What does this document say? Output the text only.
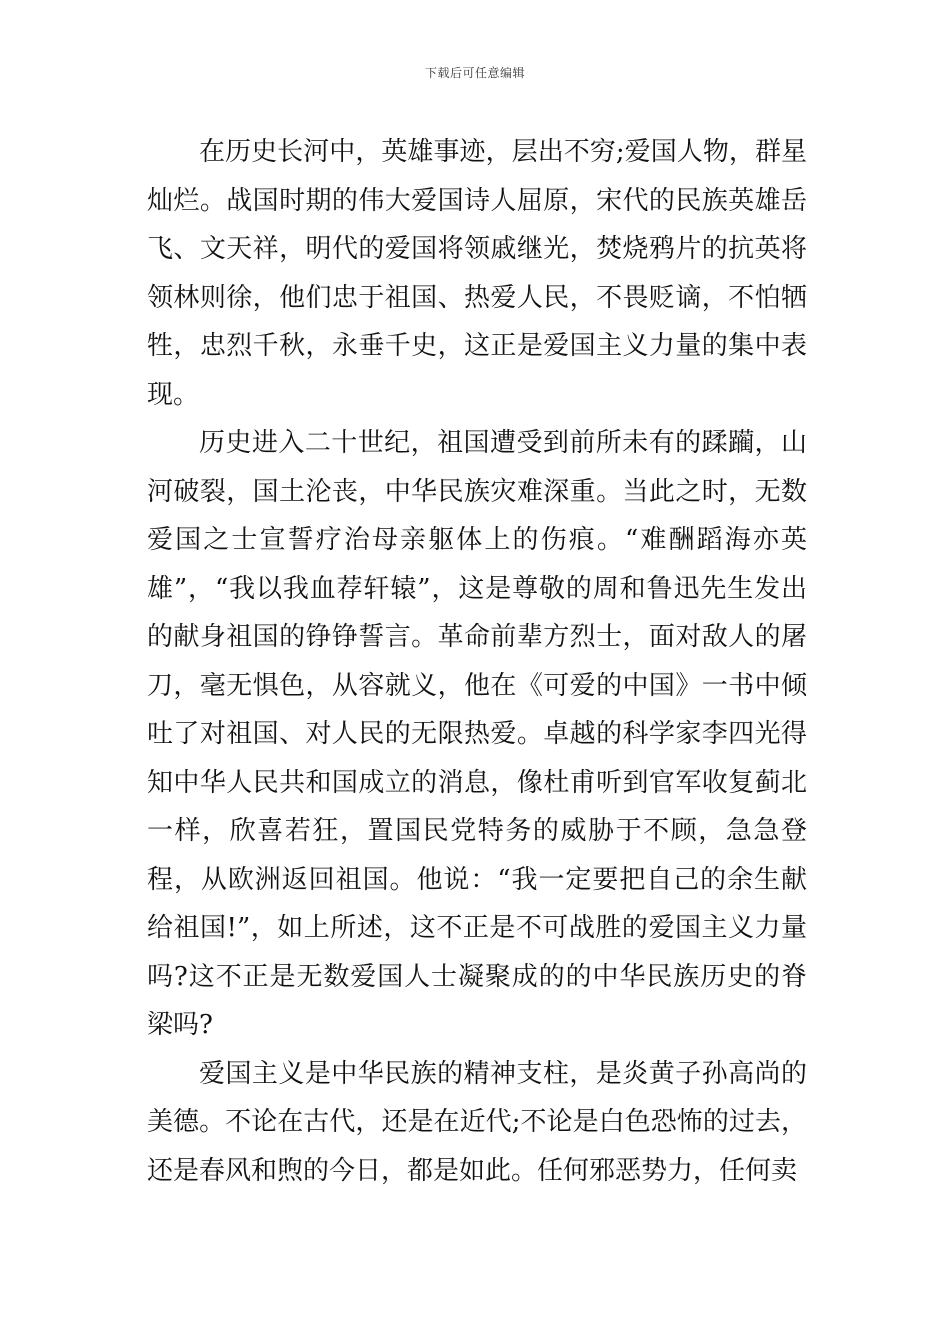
下载后可任意编辑

在历史长河中，英雄事迹，层出不穷;爱国人物，群星灿烂。战国时期的伟大爱国诗人屈原，宋代的民族英雄岳飞、文天祥，明代的爱国将领戚继光，焚烧鸦片的抗英将领林则徐，他们忠于祖国、热爱人民，不畏贬谪，不怕牺牲，忠烈千秋，永垂千史，这正是爱国主义力量的集中表现。

历史进入二十世纪，祖国遭受到前所未有的蹂躏，山河破裂，国土沦丧，中华民族灾难深重。当此之时，无数爱国之士宣誓疗治母亲躯体上的伤痕。“难酬蹈海亦英雄”，“我以我血荐轩辕”，这是尊敬的周和鲁迅先生发出的献身祖国的铮铮誓言。革命前辈方烈士，面对敌人的屠刀，毫无惧色，从容就义，他在《可爱的中国》一书中倾吐了对祖国、对人民的无限热爱。卓越的科学家李四光得知中华人民共和国成立的消息，像杜甫听到官军收复蓟北一样，欣喜若狂，置国民党特务的威胁于不顾，急急登程，从欧洲返回祖国。他说：“我一定要把自己的余生献给祖国!”，如上所述，这不正是不可战胜的爱国主义力量吗?这不正是无数爱国人士凝聚成的的中华民族历史的脊梁吗?

爱国主义是中华民族的精神支柱，是炎黄子孙高尚的美德。不论在古代，还是在近代;不论是白色恐怖的过去，还是春风和煦的今日，都是如此。任何邪恶势力，任何卖
